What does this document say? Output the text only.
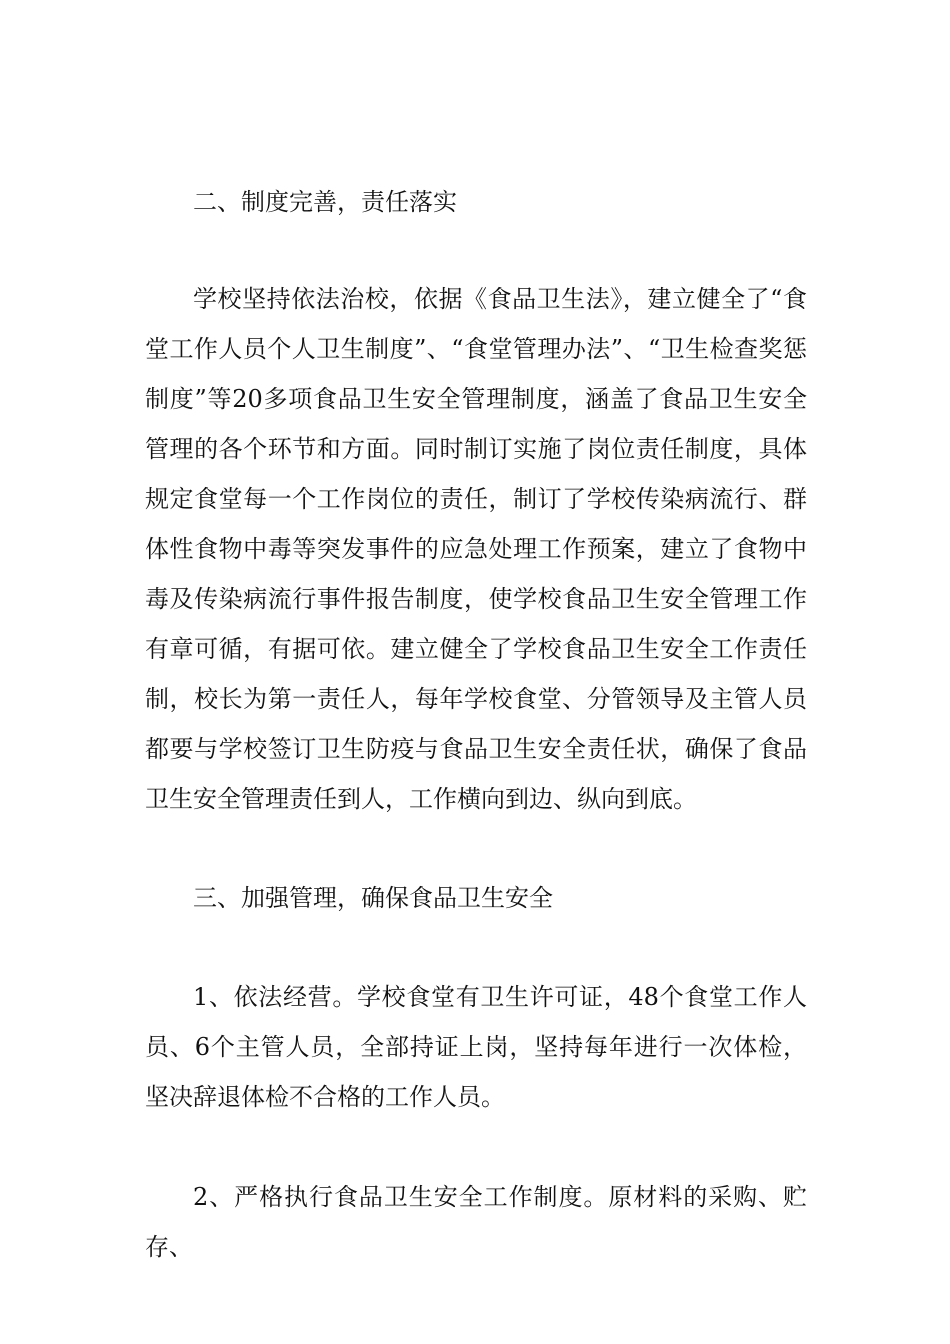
二、制度完善，责任落实

学校坚持依法治校，依据《食品卫生法》，建立健全了“食堂工作人员个人卫生制度”、“食堂管理办法”、“卫生检查奖惩制度”等20多项食品卫生安全管理制度，涵盖了食品卫生安全管理的各个环节和方面。同时制订实施了岗位责任制度，具体规定食堂每一个工作岗位的责任，制订了学校传染病流行、群体性食物中毒等突发事件的应急处理工作预案，建立了食物中毒及传染病流行事件报告制度，使学校食品卫生安全管理工作有章可循，有据可依。建立健全了学校食品卫生安全工作责任制，校长为第一责任人，每年学校食堂、分管领导及主管人员都要与学校签订卫生防疫与食品卫生安全责任状，确保了食品卫生安全管理责任到人，工作横向到边、纵向到底。

三、加强管理，确保食品卫生安全

1、依法经营。学校食堂有卫生许可证，48个食堂工作人员、6个主管人员，全部持证上岗，坚持每年进行一次体检，坚决辞退体检不合格的工作人员。

2、严格执行食品卫生安全工作制度。原材料的采购、贮存、
